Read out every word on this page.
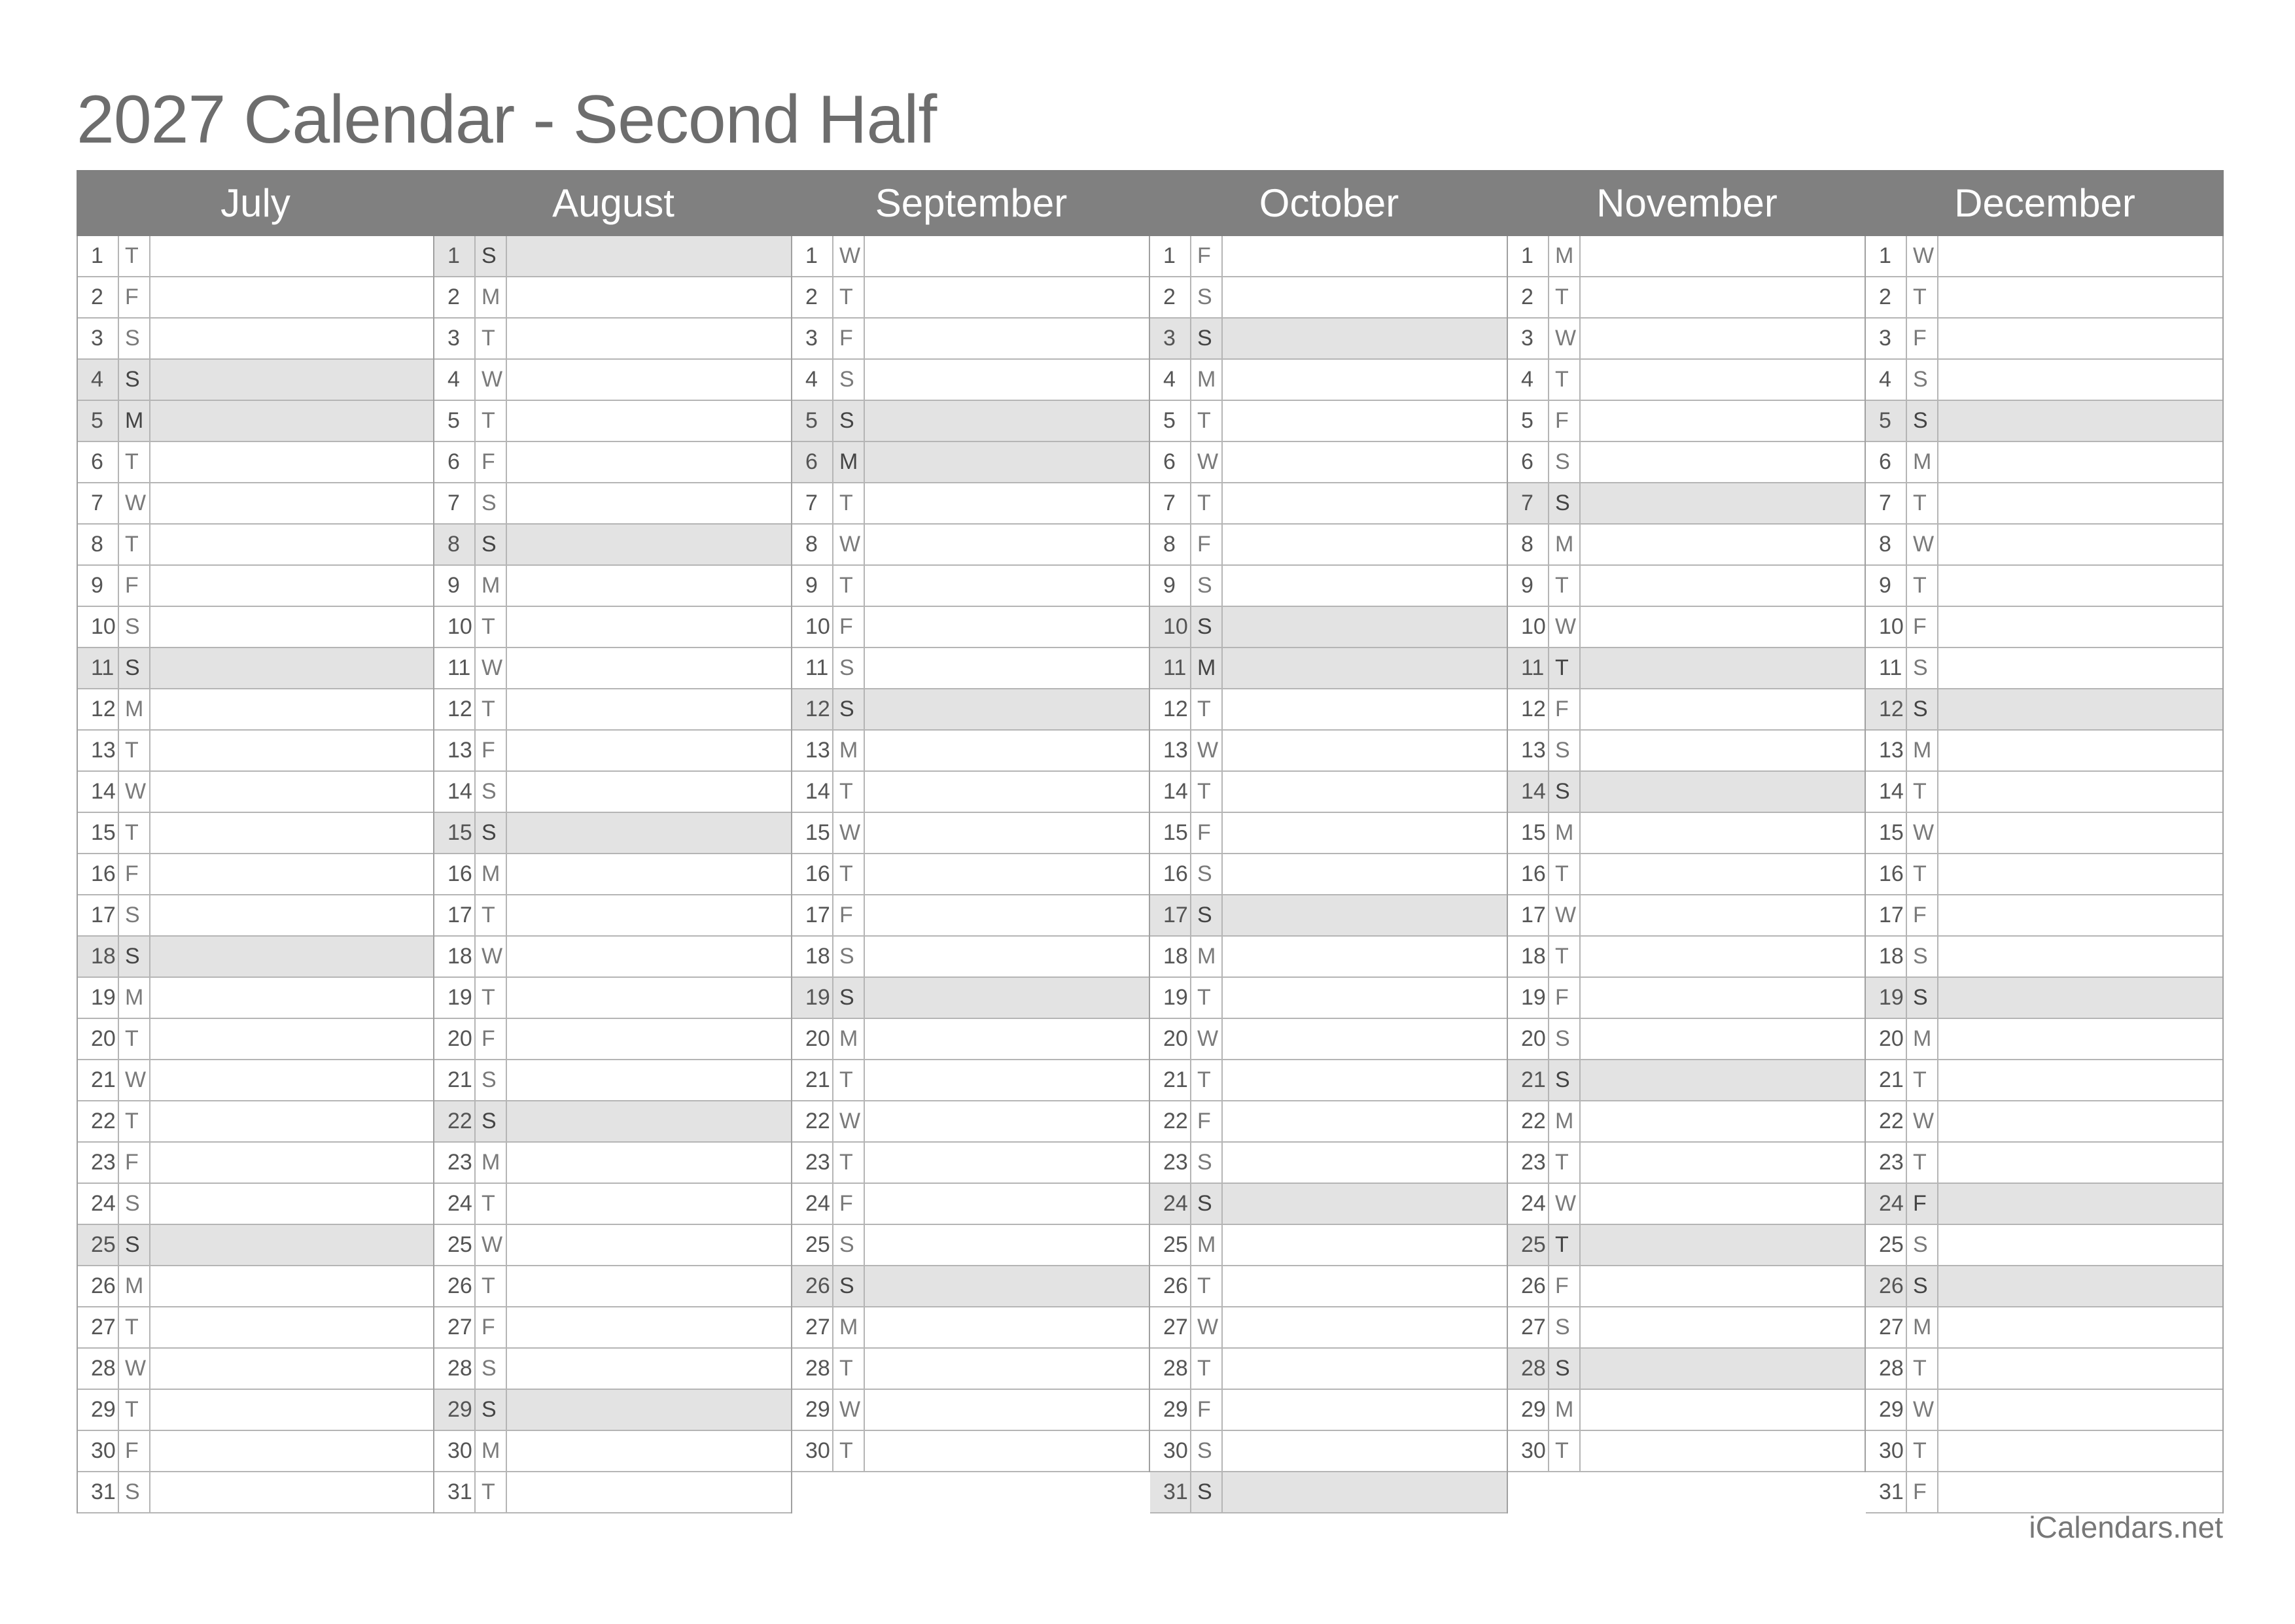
2027 Calendar - Second Half
July
1 T
2 F
3 S
4 S
5 M
6 T
7 W
8 T
9 F
10 S
11 S
12 M
13 T
14 W
15 T
16 F
17 S
18 S
19 M
20 T
21 W
22 T
23 F
24 S
25 S
26 M
27 T
28 W
29 T
30 F
31 S
August
1 S
2 M
3 T
4 W
5 T
6 F
7 S
8 S
9 M
10 T
11 W
12 T
13 F
14 S
15 S
16 M
17 T
18 W
19 T
20 F
21 S
22 S
23 M
24 T
25 W
26 T
27 F
28 S
29 S
30 M
31 T
September
1 W
2 T
3 F
4 S
5 S
6 M
7 T
8 W
9 T
10 F
11 S
12 S
13 M
14 T
15 W
16 T
17 F
18 S
19 S
20 M
21 T
22 W
23 T
24 F
25 S
26 S
27 M
28 T
29 W
30 T
October
1 F
2 S
3 S
4 M
5 T
6 W
7 T
8 F
9 S
10 S
11 M
12 T
13 W
14 T
15 F
16 S
17 S
18 M
19 T
20 W
21 T
22 F
23 S
24 S
25 M
26 T
27 W
28 T
29 F
30 S
31 S
November
1 M
2 T
3 W
4 T
5 F
6 S
7 S
8 M
9 T
10 W
11 T
12 F
13 S
14 S
15 M
16 T
17 W
18 T
19 F
20 S
21 S
22 M
23 T
24 W
25 T
26 F
27 S
28 S
29 M
30 T
December
1 W
2 T
3 F
4 S
5 S
6 M
7 T
8 W
9 T
10 F
11 S
12 S
13 M
14 T
15 W
16 T
17 F
18 S
19 S
20 M
21 T
22 W
23 T
24 F
25 S
26 S
27 M
28 T
29 W
30 T
31 F
iCalendars.net
